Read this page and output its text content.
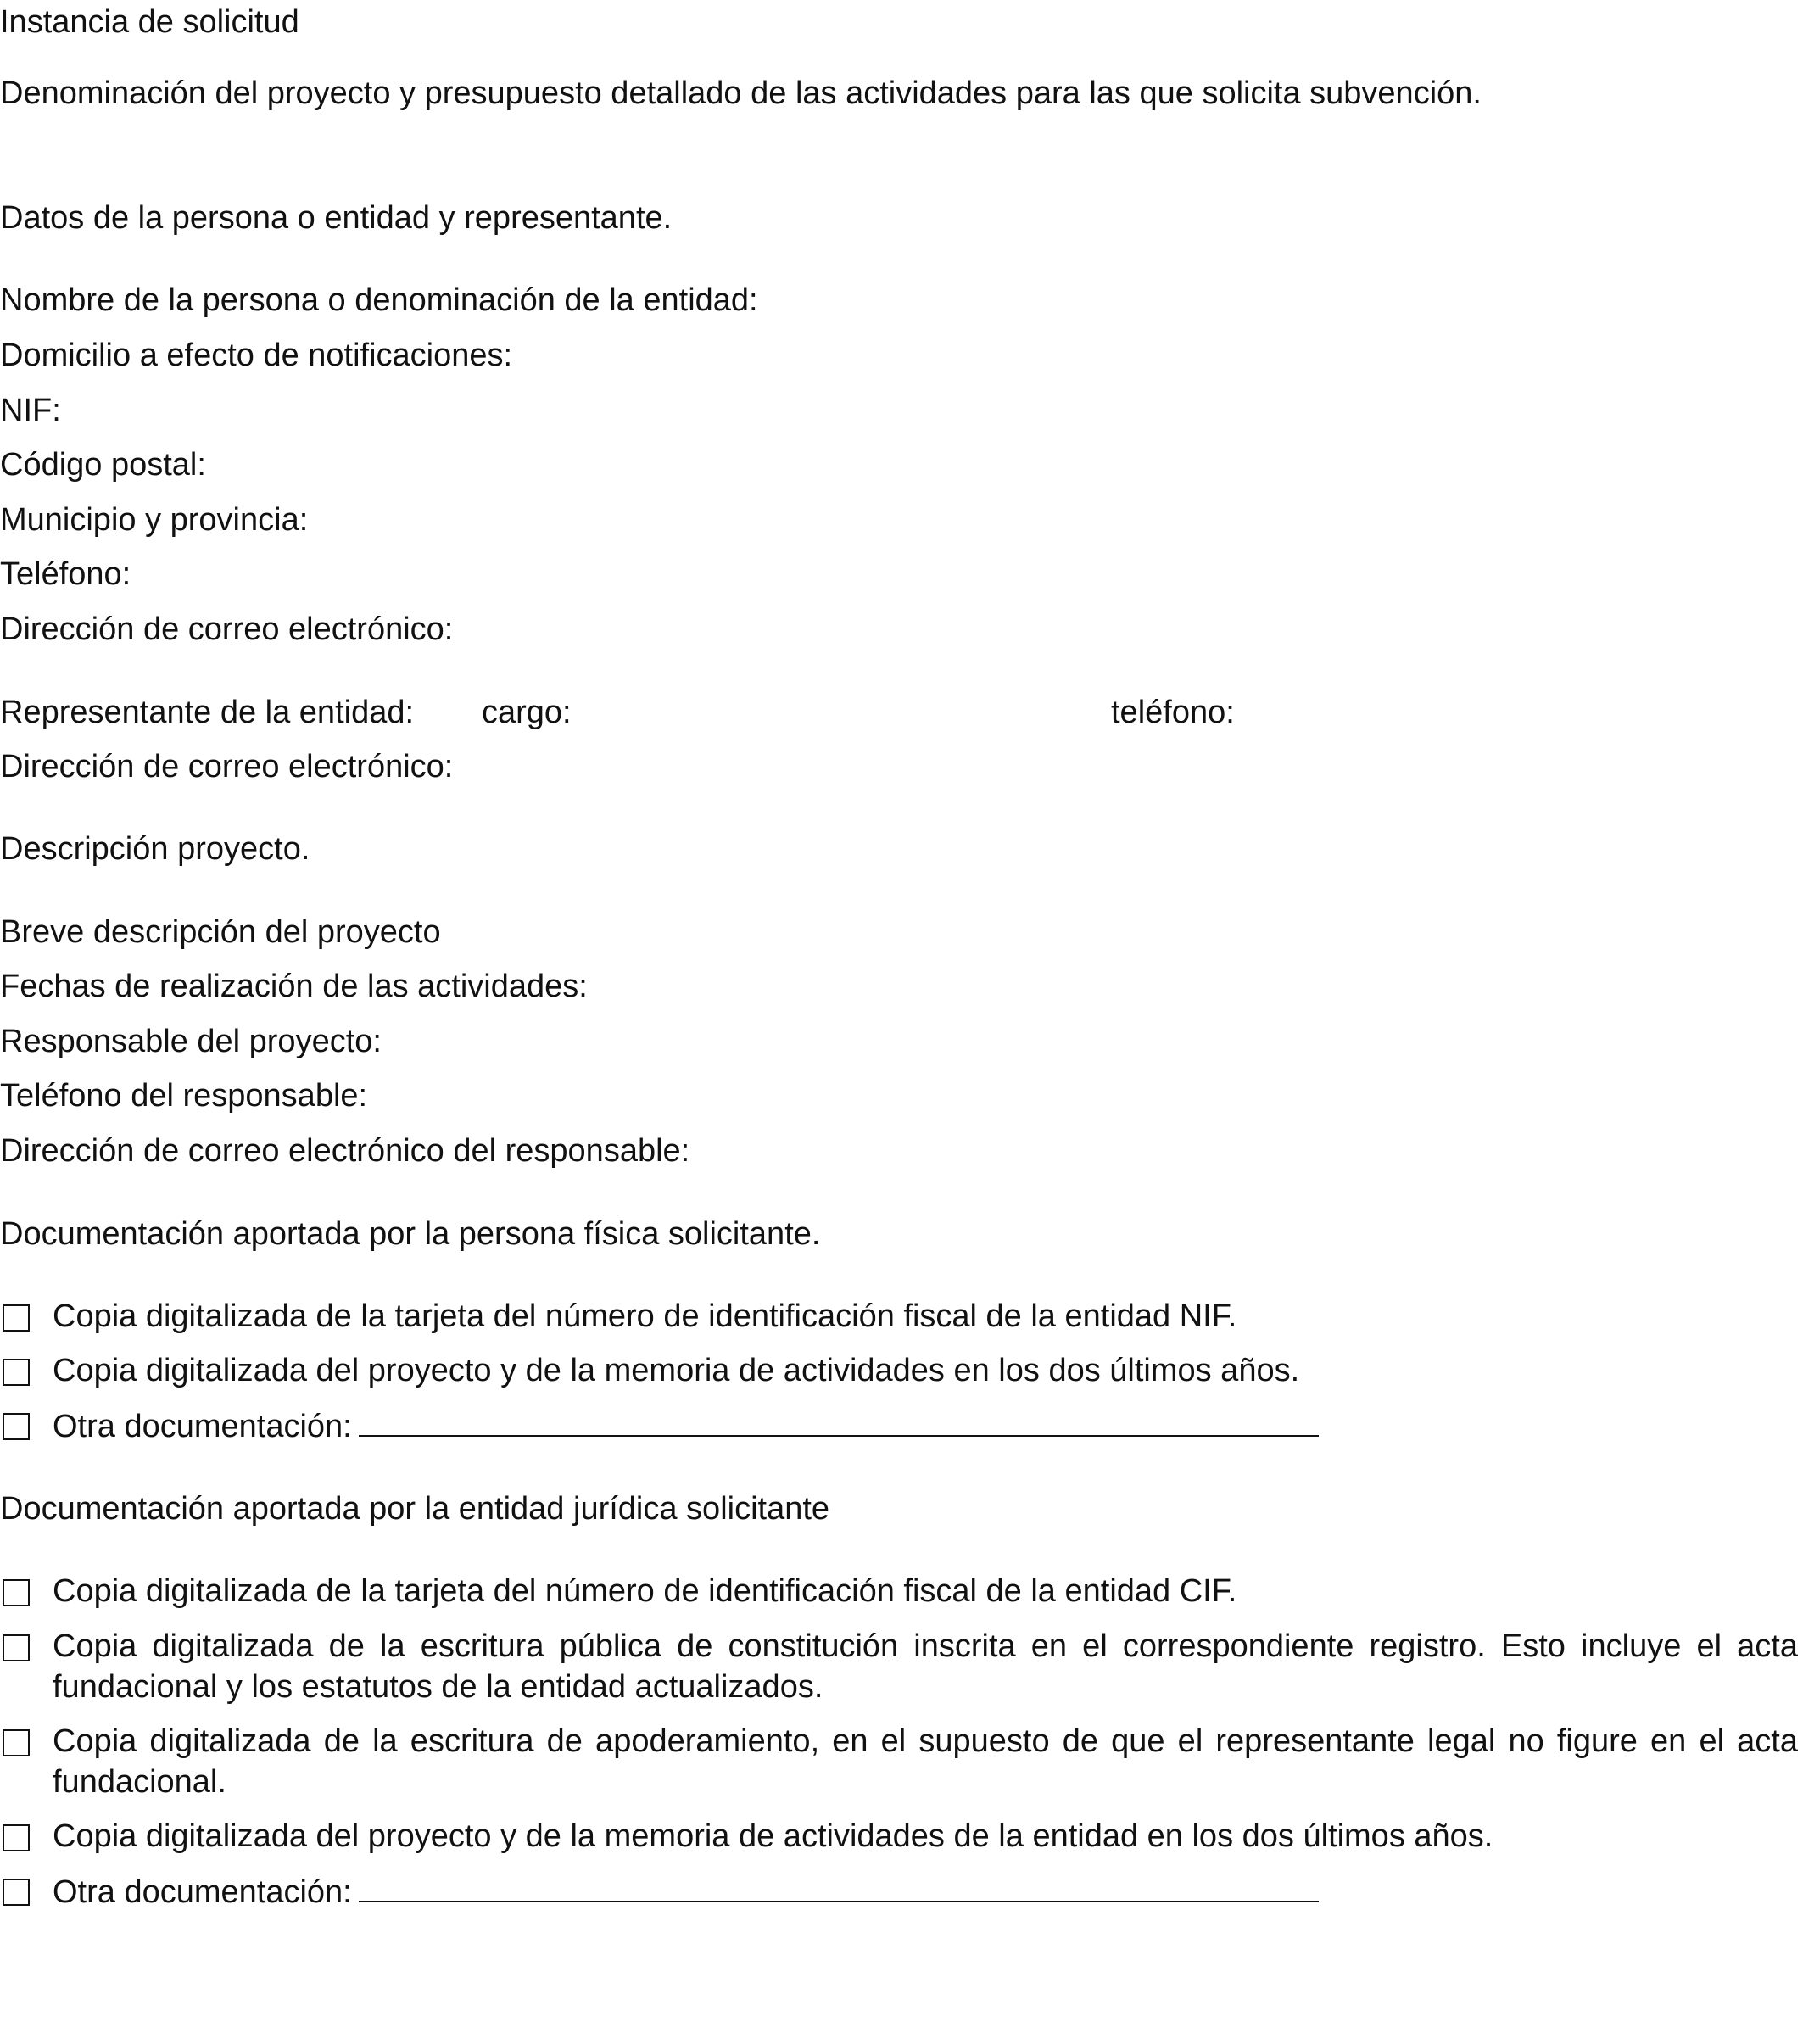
Instancia de solicitud
Denominación del proyecto y presupuesto detallado de las actividades para las que solicita subvención.
Datos de la persona o entidad y representante.
Nombre de la persona o denominación de la entidad:
Domicilio a efecto de notificaciones:
NIF:
Código postal:
Municipio y provincia:
Teléfono:
Dirección de correo electrónico:
Representante de la entidad: cargo:	teléfono:
Dirección de correo electrónico:
Descripción proyecto.
Breve descripción del proyecto
Fechas de realización de las actividades:
Responsable del proyecto:
Teléfono del responsable:
Dirección de correo electrónico del responsable:
Documentación aportada por la persona física solicitante.
Copia digitalizada de la tarjeta del número de identificación fiscal de la entidad NIF.
Copia digitalizada del proyecto y de la memoria de actividades en los dos últimos años.
Otra documentación:
Documentación aportada por la entidad jurídica solicitante
Copia digitalizada de la tarjeta del número de identificación fiscal de la entidad CIF.
Copia digitalizada de la escritura pública de constitución inscrita en el correspondiente registro. Esto incluye el acta fundacional y los estatutos de la entidad actualizados.
Copia digitalizada de la escritura de apoderamiento, en el supuesto de que el representante legal no figure en el acta fundacional.
Copia digitalizada del proyecto y de la memoria de actividades de la entidad en los dos últimos años.
Otra documentación:
